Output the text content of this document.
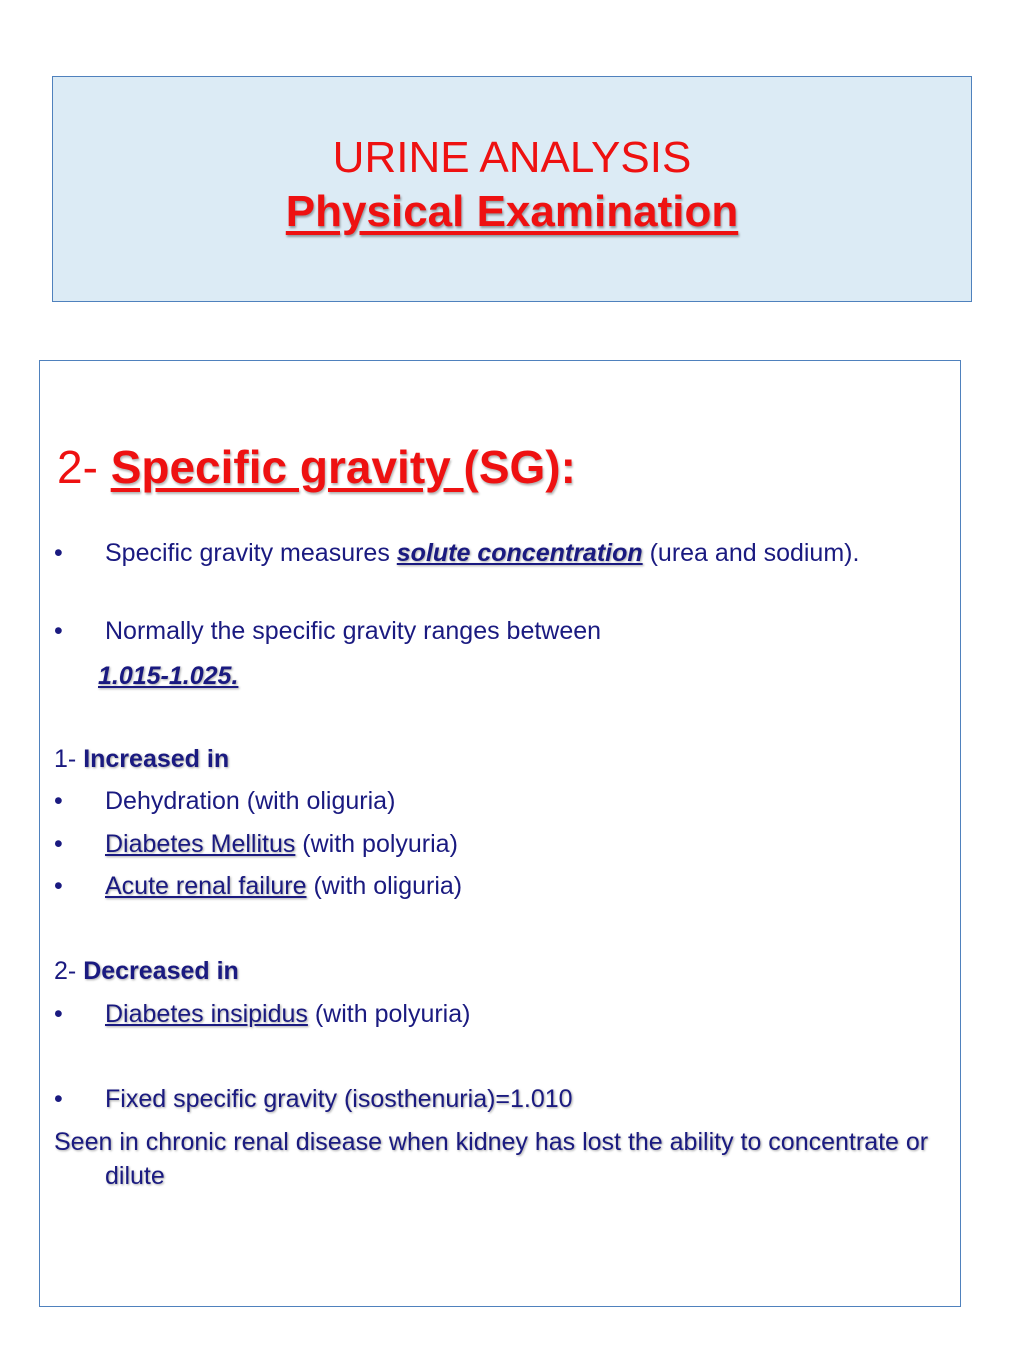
URINE ANALYSIS
Physical Examination
2- Specific gravity (SG):
• Specific gravity measures solute concentration (urea and sodium).
• Normally the specific gravity ranges between
1.015-1.025.
1- Increased in
• Dehydration (with oliguria)
• Diabetes Mellitus (with polyuria)
• Acute renal failure (with oliguria)
2- Decreased in
• Diabetes insipidus (with polyuria)
• Fixed specific gravity (isosthenuria)=1.010
Seen in chronic renal disease when kidney has lost the ability to concentrate or dilute
